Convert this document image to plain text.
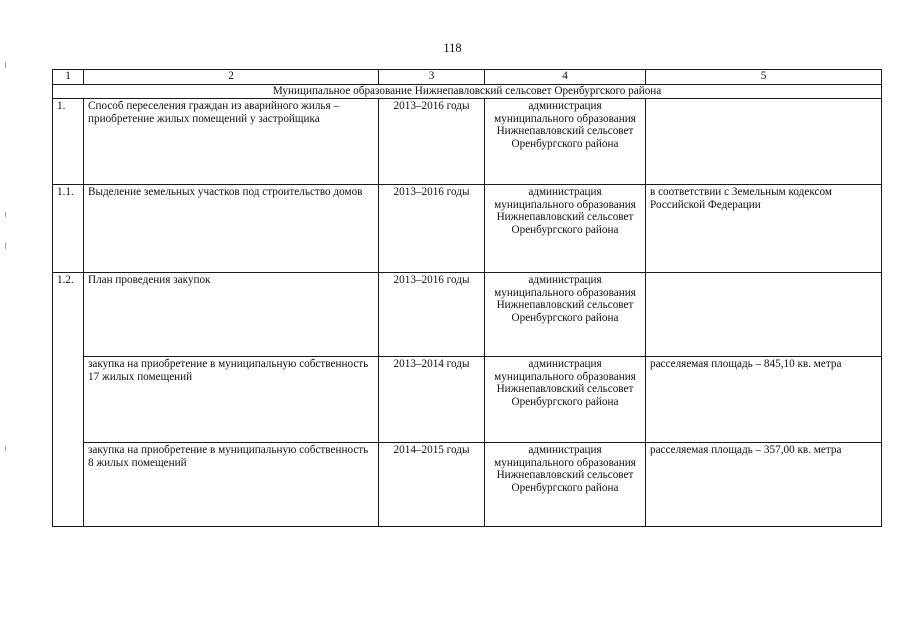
118
1	2	3	4	5
Муниципальное образование Нижнепавловский сельсовет Оренбургского района				
1.	Способ переселения граждан из аварийного жилья – приобретение жилых помещений у застройщика	2013–2016 годы	администрация муниципального образования Нижнепавловский сельсовет Оренбургского района	
1.1.	Выделение земельных участков под строительство домов	2013–2016 годы	администрация муниципального образования Нижнепавловский сельсовет Оренбургского района	в соответствии с Земельным кодексом Российской Федерации
1.2.	План проведения закупок	2013–2016 годы	администрация муниципального образования Нижнепавловский сельсовет Оренбургского района	
	закупка на приобретение в муниципальную собственность 17 жилых помещений	2013–2014 годы	администрация муниципального образования Нижнепавловский сельсовет Оренбургского района	расселяемая площадь – 845,10 кв. метра
	закупка на приобретение в муниципальную собственность 8 жилых помещений	2014–2015 годы	администрация муниципального образования Нижнепавловский сельсовет Оренбургского района	расселяемая площадь – 357,00 кв. метра
